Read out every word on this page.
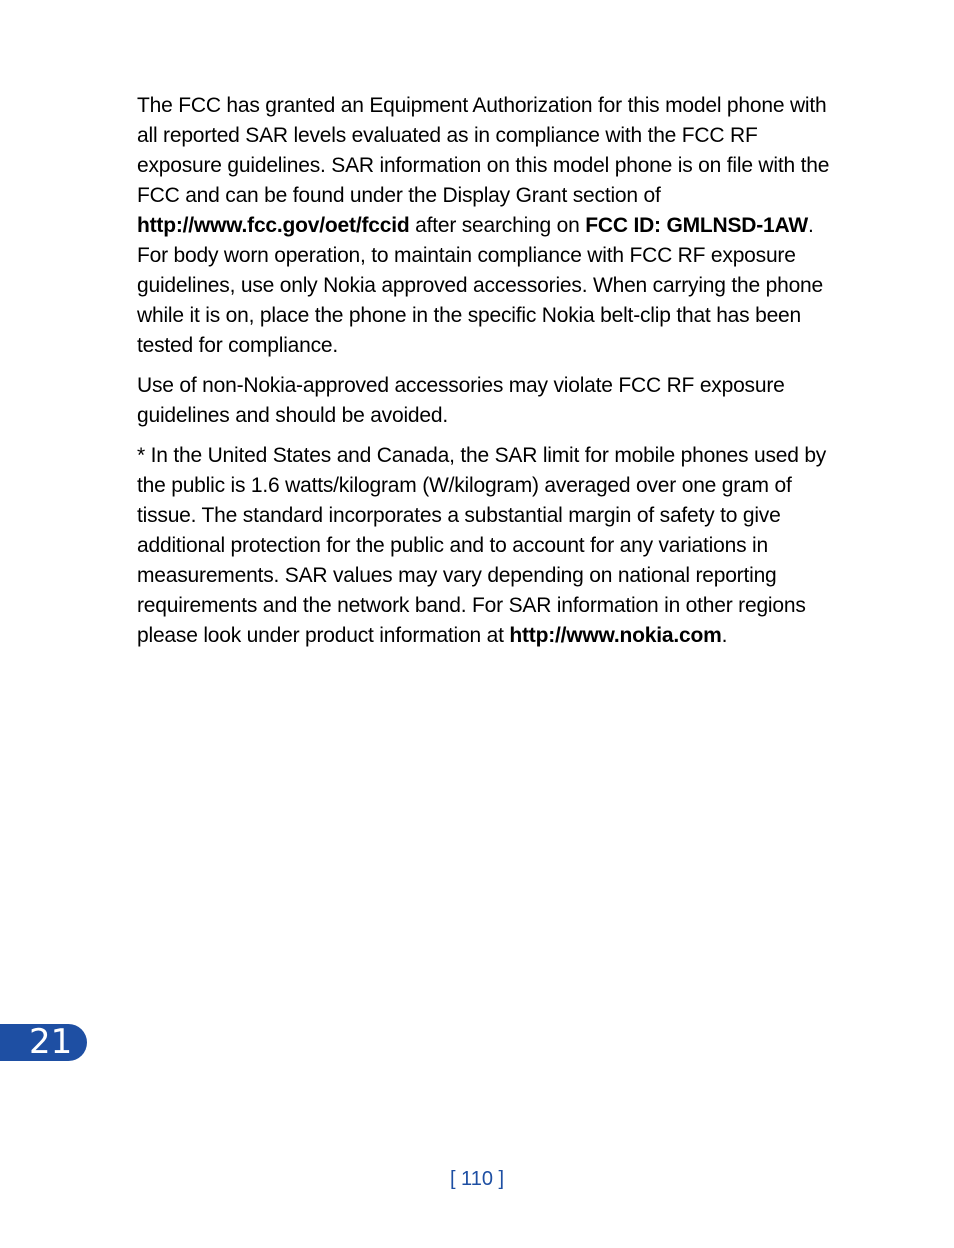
The FCC has granted an Equipment Authorization for this model phone with all reported SAR levels evaluated as in compliance with the FCC RF exposure guidelines. SAR information on this model phone is on file with the FCC and can be found under the Display Grant section of http://www.fcc.gov/oet/fccid after searching on FCC ID: GMLNSD-1AW. For body worn operation, to maintain compliance with FCC RF exposure guidelines, use only Nokia approved accessories. When carrying the phone while it is on, place the phone in the specific Nokia belt-clip that has been tested for compliance.

Use of non-Nokia-approved accessories may violate FCC RF exposure guidelines and should be avoided.

* In the United States and Canada, the SAR limit for mobile phones used by the public is 1.6 watts/kilogram (W/kilogram) averaged over one gram of tissue. The standard incorporates a substantial margin of safety to give additional protection for the public and to account for any variations in measurements. SAR values may vary depending on national reporting requirements and the network band. For SAR information in other regions please look under product information at http://www.nokia.com.

21
[ 110 ]
